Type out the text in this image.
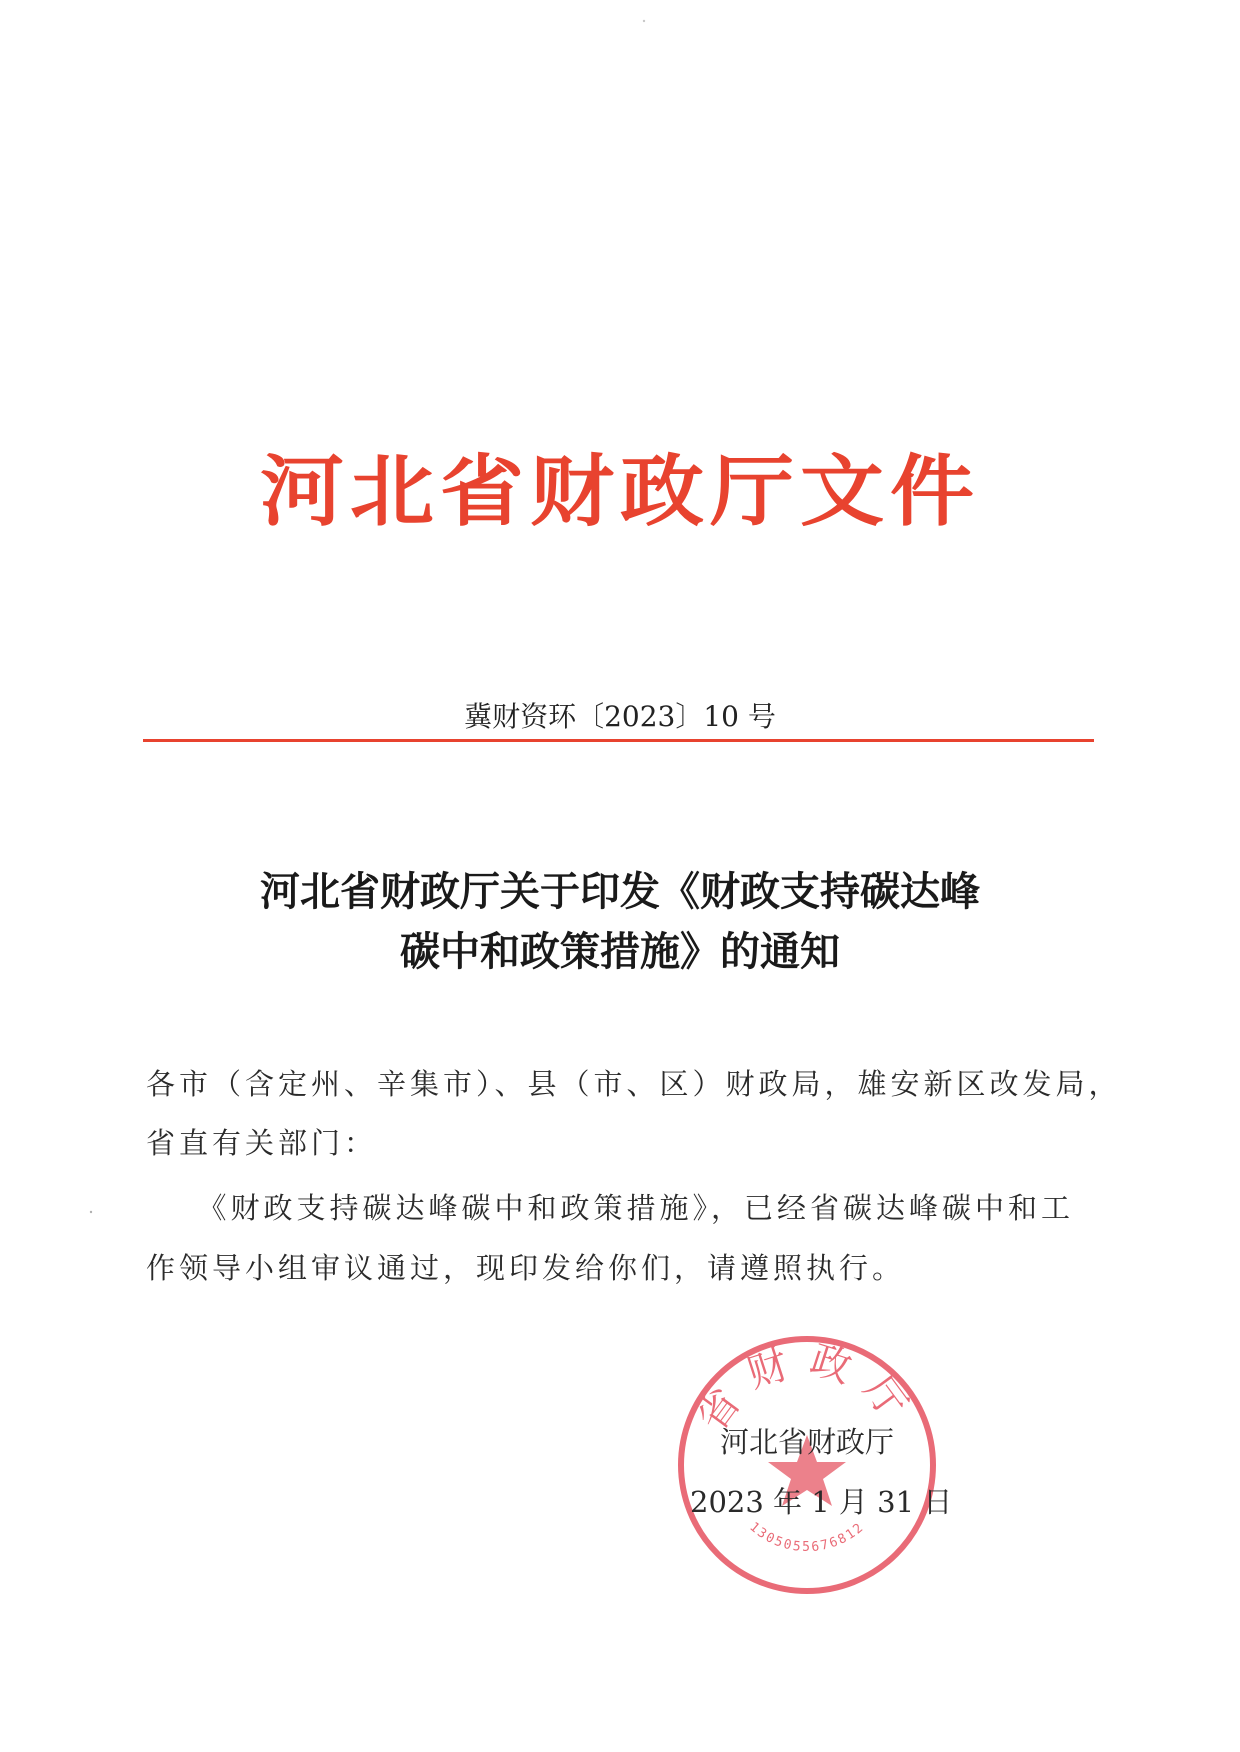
河北省财政厅文件
冀财资环〔2023〕10 号
河北省财政厅关于印发《财政支持碳达峰
碳中和政策措施》的通知
各市（含定州、辛集市）、县（市、区）财政局，雄安新区改发局，
省直有关部门：
　　《财政支持碳达峰碳中和政策措施》，已经省碳达峰碳中和工
作领导小组审议通过，现印发给你们，请遵照执行。
省财政厅
1305055676812
河北省财政厅
2023 年 1 月 31 日
